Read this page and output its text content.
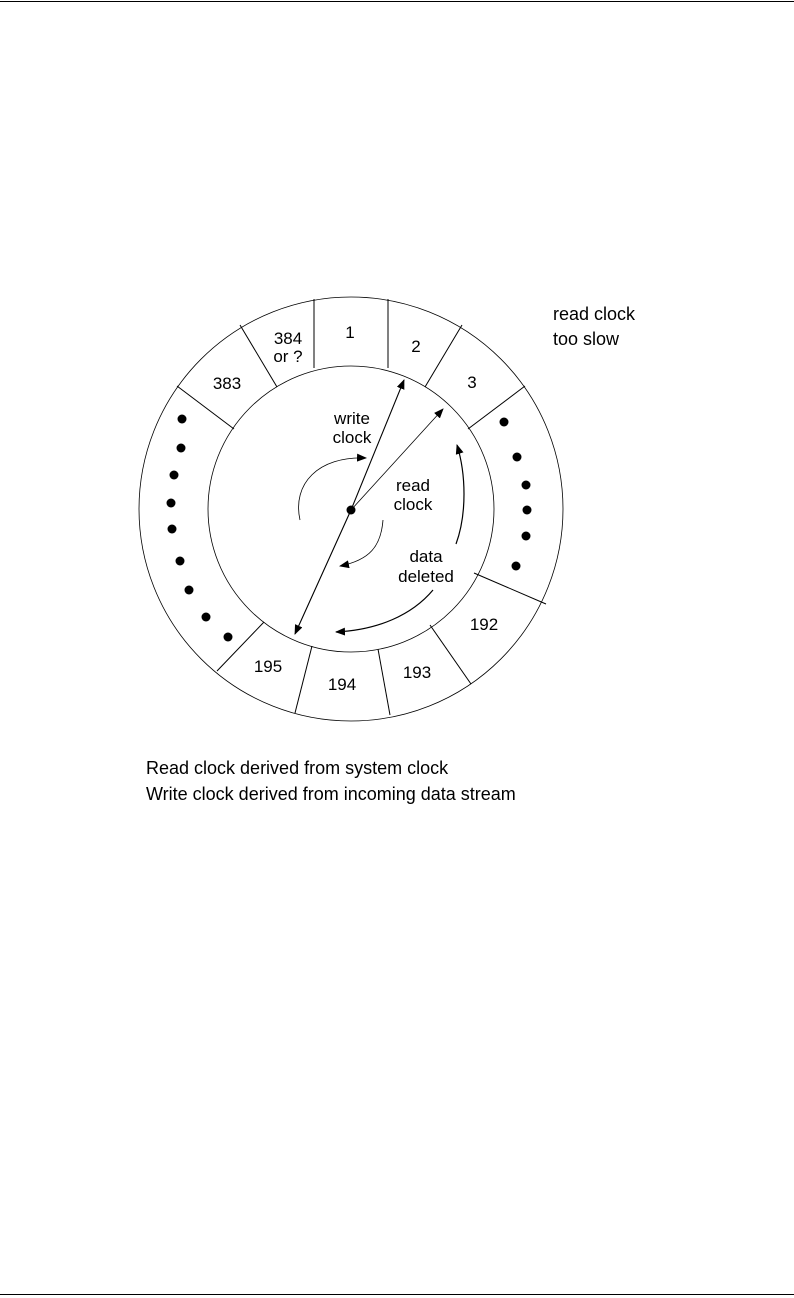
1
2
3
192
193
194
195
383
384
or ?
write
clock
read
clock
data
deleted
read clock
too slow
Read clock derived from system clock
Write clock derived from incoming data stream
